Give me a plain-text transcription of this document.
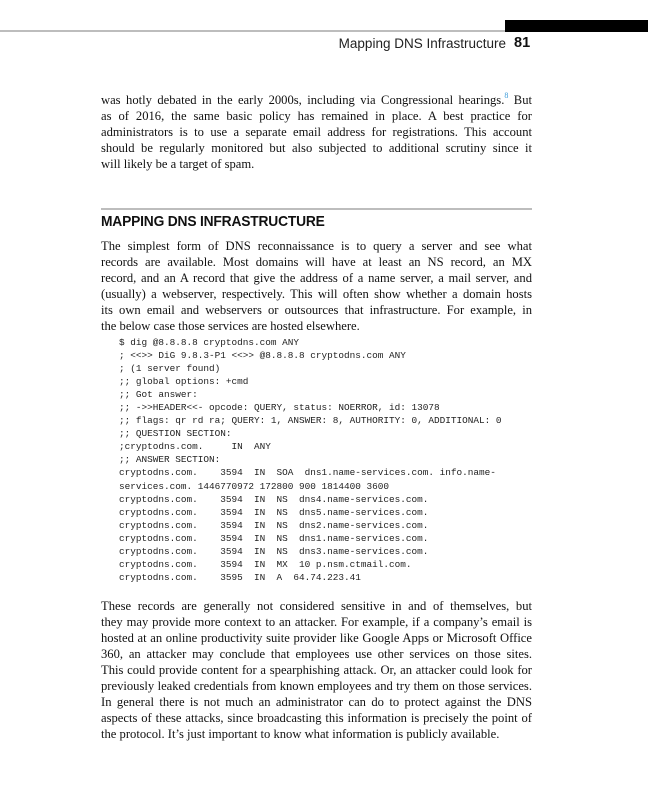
Mapping DNS Infrastructure 81
was hotly debated in the early 2000s, including via Congressional hearings.$^8$ But
as of 2016, the same basic policy has remained in place. A best practice for
administrators is to use a separate email address for registrations. This account
should be regularly monitored but also subjected to additional scrutiny since it
will likely be a target of spam.
MAPPING DNS INFRASTRUCTURE
The simplest form of DNS reconnaissance is to query a server and see what
records are available. Most domains will have at least an NS record, an MX
record, and an A record that give the address of a name server, a mail server, and
(usually) a webserver, respectively. This will often show whether a domain hosts
its own email and webservers or outsources that infrastructure. For example, in
the below case those services are hosted elsewhere.
$ dig @8.8.8.8 cryptodns.com ANY
; <<>> DiG 9.8.3-P1 <<>> @8.8.8.8 cryptodns.com ANY
; (1 server found)
;; global options: +cmd
;; Got answer:
;; ->>HEADER<<- opcode: QUERY, status: NOERROR, id: 13078
;; flags: qr rd ra; QUERY: 1, ANSWER: 8, AUTHORITY: 0, ADDITIONAL: 0
;; QUESTION SECTION:
;cryptodns.com.     IN  ANY
;; ANSWER SECTION:
cryptodns.com.    3594  IN  SOA  dns1.name-services.com. info.name-
services.com. 1446770972 172800 900 1814400 3600
cryptodns.com.    3594  IN  NS  dns4.name-services.com.
cryptodns.com.    3594  IN  NS  dns5.name-services.com.
cryptodns.com.    3594  IN  NS  dns2.name-services.com.
cryptodns.com.    3594  IN  NS  dns1.name-services.com.
cryptodns.com.    3594  IN  NS  dns3.name-services.com.
cryptodns.com.    3594  IN  MX  10 p.nsm.ctmail.com.
cryptodns.com.    3595  IN  A  64.74.223.41
These records are generally not considered sensitive in and of themselves, but
they may provide more context to an attacker. For example, if a company’s email is
hosted at an online productivity suite provider like Google Apps or Microsoft Office
360, an attacker may conclude that employees use other services on those sites.
This could provide content for a spearphishing attack. Or, an attacker could look for
previously leaked credentials from known employees and try them on those services.
In general there is not much an administrator can do to protect against the DNS
aspects of these attacks, since broadcasting this information is precisely the point of
the protocol. It’s just important to know what information is publicly available.
